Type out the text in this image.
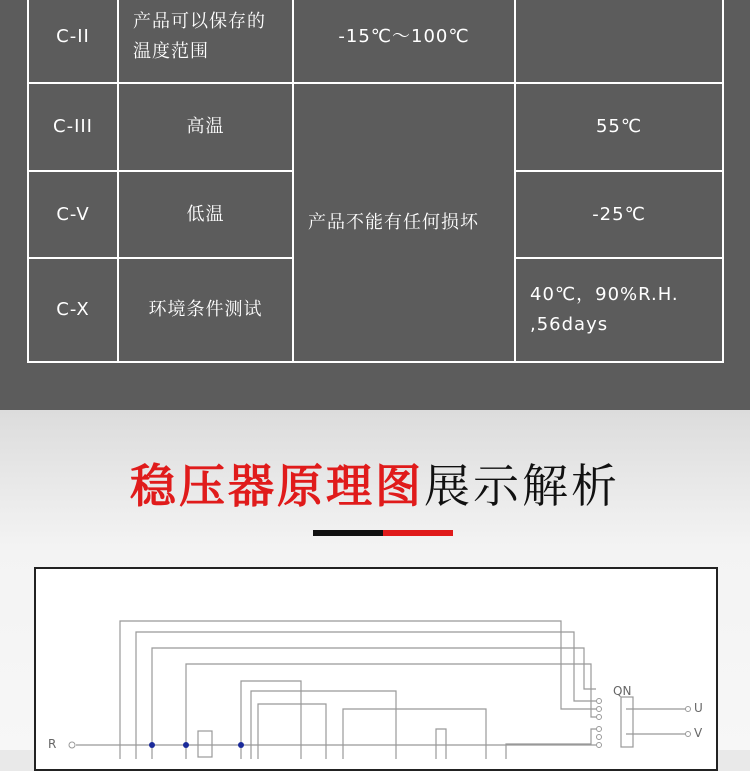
C-II	产品可以保存的温度范围	-15℃～100℃	
C-III	高温	产品不能有任何损坏	55℃
C-V	低温		-25℃
C-X	环境条件测试		40℃，90%R.H. ,56days
稳压器原理图展示解析
QN
U
V
R
